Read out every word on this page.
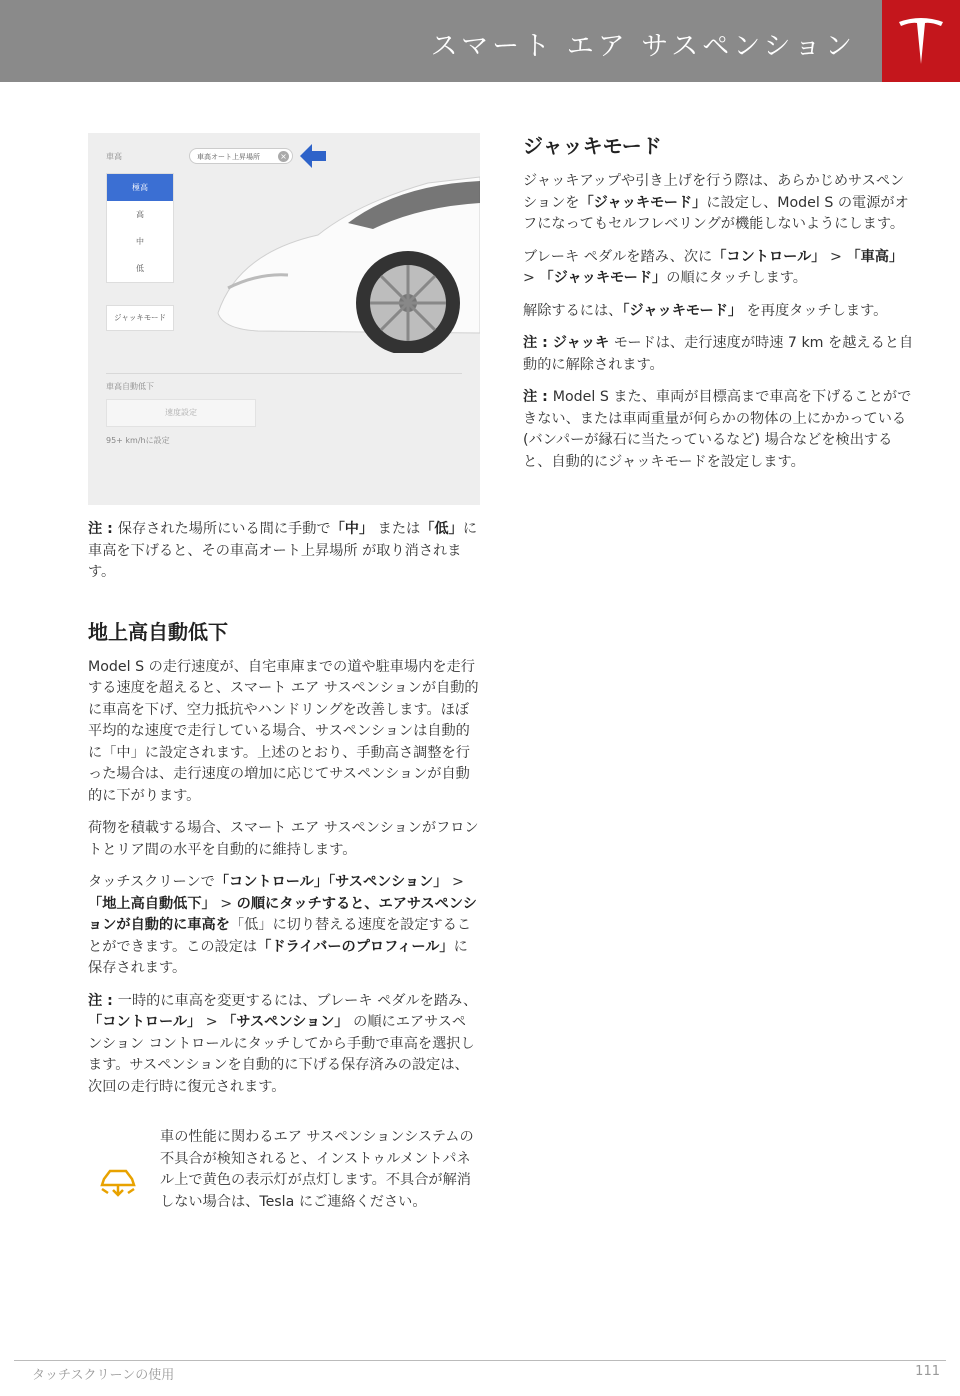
スマート エア サスペンション
車高	車高オート上昇場所	×
極高
高
中
低
ジャッキモード
車高自動低下
速度設定
95+ km/hに設定

注 : 保存された場所にいる間に手動で「中」 または「低」に車高を下げると、その車高オート上昇場所 が取り消されます。

地上高自動低下

Model S の走行速度が、自宅車庫までの道や駐車場内を走行する速度を超えると、スマート エア サスペンションが自動的に車高を下げ、空力抵抗やハンドリングを改善します。ほぼ平均的な速度で走行している場合、サスペンションは自動的に「中」に設定されます。上述のとおり、手動高さ調整を行った場合は、走行速度の増加に応じてサスペンションが自動的に下がります。

荷物を積載する場合、スマート エア サスペンションがフロントとリア間の水平を自動的に維持します。

タッチスクリーンで「コントロール」「サスペンション」 > 「地上高自動低下」 > の順にタッチすると、エアサスペンションが自動的に車高を「低」に切り替える速度を設定することができます。この設定は「ドライバーのプロフィール」に保存されます。

注 : 一時的に車高を変更するには、ブレーキ ペダルを踏み、「コントロール」 > 「サスペンション」 の順にエアサスペンション コントロールにタッチしてから手動で車高を選択します。サスペンションを自動的に下げる保存済みの設定は、次回の走行時に復元されます。

車の性能に関わるエア サスペンションシステムの不具合が検知されると、インストゥルメントパネル上で黄色の表示灯が点灯します。不具合が解消しない場合は、Tesla にご連絡ください。
ジャッキモード

ジャッキアップや引き上げを行う際は、あらかじめサスペンションを「ジャッキモード」に設定し、Model S の電源がオフになってもセルフレベリングが機能しないようにします。

ブレーキ ペダルを踏み、次に「コントロール」 > 「車高」 > 「ジャッキモード」の順にタッチします。

解除するには、「ジャッキモード」 を再度タッチします。

注 : ジャッキ モードは、走行速度が時速 7 km を越えると自動的に解除されます。

注 : Model S また、車両が目標高まで車高を下げることができない、または車両重量が何らかの物体の上にかかっている (バンパーが縁石に当たっているなど) 場合などを検出すると、自動的にジャッキモードを設定します。

タッチスクリーンの使用	111
